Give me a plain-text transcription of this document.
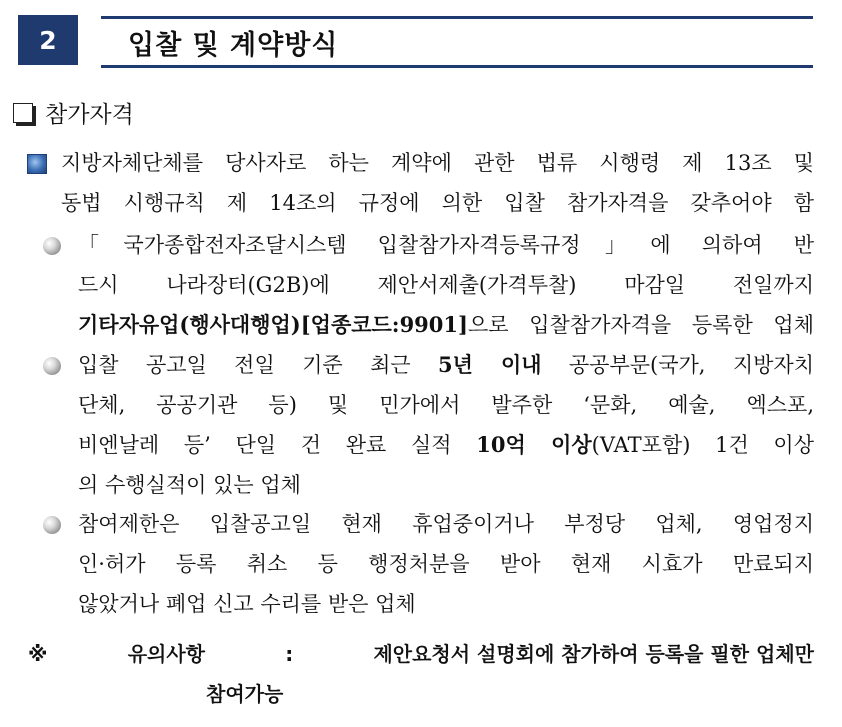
2	입찰 및 계약방식
참가자격
지방자체단체를 당사자로 하는 계약에 관한 법류 시행령 제 13조 및
동법 시행규칙 제 14조의 규정에 의한 입찰 참가자격을 갖추어야 함
「국가종합전자조달시스템 입찰참가자격등록규정」에 의하여 반
드시 나라장터(G2B)에 제안서제출(가격투찰) 마감일 전일까지
기타자유업(행사대행업)[업종코드:9901]으로 입찰참가자격을 등록한 업체
입찰 공고일 전일 기준 최근 5년 이내 공공부문(국가, 지방자치
단체, 공공기관 등) 및 민가에서 발주한 ‘문화, 예술, 엑스포,
비엔날레 등’ 단일 건 완료 실적 10억 이상(VAT포함) 1건 이상
의 수행실적이 있는 업체
참여제한은 입찰공고일 현재 휴업중이거나 부정당 업체, 영업정지
인·허가 등록 취소 등 행정처분을 받아 현재 시효가 만료되지
않았거나 폐업 신고 수리를 받은 업체
※	유의사항	:	제안요청서 설명회에 참가하여 등록을 필한 업체만
참여가능
